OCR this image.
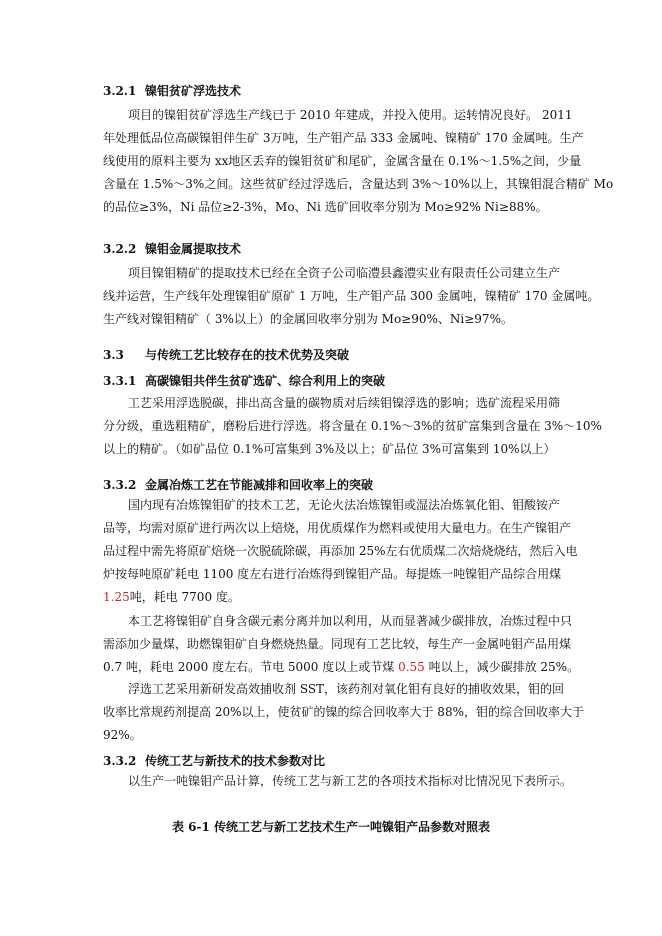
3.2.1 镍钼贫矿浮选技术
项目的镍钼贫矿浮选生产线已于 2010 年建成，并投入使用。运转情况良好。 2011
年处理低品位高碳镍钼伴生矿 3万吨，生产钼产品 333 金属吨、镍精矿 170 金属吨。生产
线使用的原料主要为 xx地区丢弃的镍钼贫矿和尾矿，金属含量在 0.1%～1.5%之间，少量
含量在 1.5%～3%之间。这些贫矿经过浮选后，含量达到 3%～10%以上，其镍钼混合精矿 Mo
的品位≥3%，Ni 品位≥2-3%，Mo、Ni 选矿回收率分别为 Mo≥92% Ni≥88%。
3.2.2 镍钼金属提取技术
项目镍钼精矿的提取技术已经在全资子公司临澧县鑫澧实业有限责任公司建立生产
线并运营，生产线年处理镍钼矿原矿 1 万吨，生产钼产品 300 金属吨，镍精矿 170 金属吨。
生产线对镍钼精矿（ 3%以上）的金属回收率分别为 Mo≥90%、Ni≥97%。
3.3 与传统工艺比较存在的技术优势及突破
3.3.1 高碳镍钼共伴生贫矿选矿、综合利用上的突破
工艺采用浮选脱碳，排出高含量的碳物质对后续钼镍浮选的影响；选矿流程采用筛
分分级，重选粗精矿，磨粉后进行浮选。将含量在 0.1%～3%的贫矿富集到含量在 3%～10%
以上的精矿。（如矿品位 0.1%可富集到 3%及以上；矿品位 3%可富集到 10%以上）
3.3.2 金属冶炼工艺在节能减排和回收率上的突破
国内现有冶炼镍钼矿的技术工艺，无论火法冶炼镍钼或湿法冶炼氧化钼、钼酸铵产
品等，均需对原矿进行两次以上焙烧，用优质煤作为燃料或使用大量电力。在生产镍钼产
品过程中需先将原矿焙烧一次脱硫除碳，再添加 25%左右优质煤二次焙烧烧结，然后入电
炉按每吨原矿耗电 1100 度左右进行冶炼得到镍钼产品。每提炼一吨镍钼产品综合用煤
1.25吨，耗电 7700 度。
本工艺将镍钼矿自身含碳元素分离并加以利用，从而显著减少碳排放，冶炼过程中只
需添加少量煤，助燃镍钼矿自身燃烧热量。同现有工艺比较，每生产一金属吨钼产品用煤
0.7 吨，耗电 2000 度左右。节电 5000 度以上或节煤 0.55 吨以上，减少碳排放 25%。
浮选工艺采用新研发高效捕收剂 SST，该药剂对氧化钼有良好的捕收效果，钼的回
收率比常规药剂提高 20%以上，使贫矿的镍的综合回收率大于 88%，钼的综合回收率大于
92%。
3.3.2 传统工艺与新技术的技术参数对比
以生产一吨镍钼产品计算，传统工艺与新工艺的各项技术指标对比情况见下表所示。
表 6-1 传统工艺与新工艺技术生产一吨镍钼产品参数对照表
